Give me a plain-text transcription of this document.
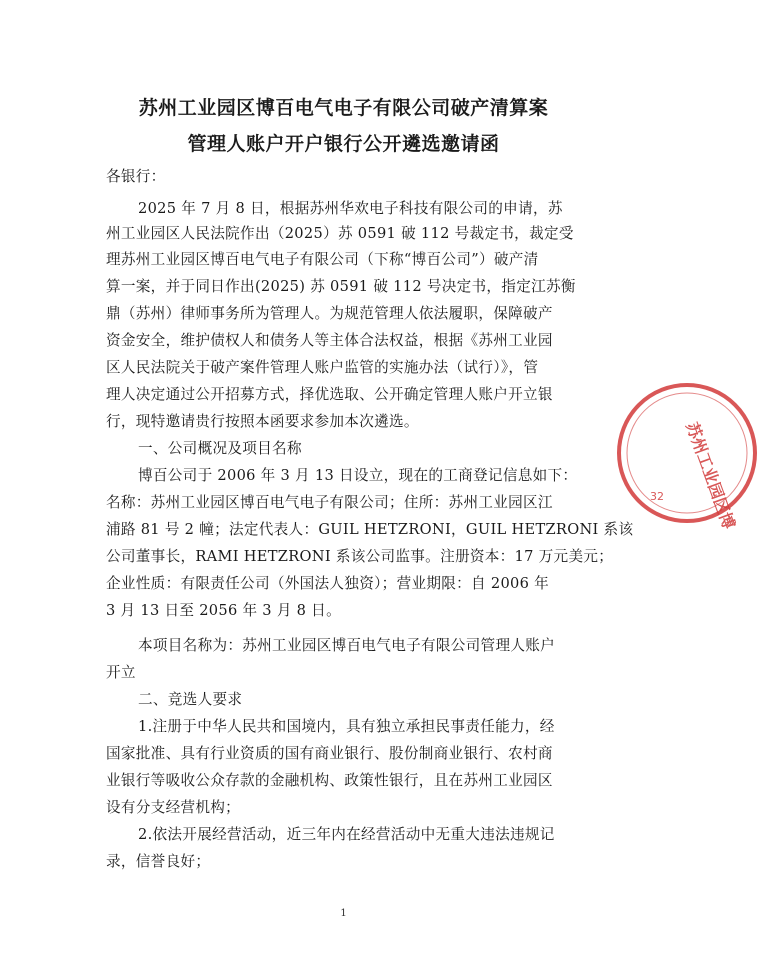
苏州工业园区博百电气电子有限公司破产清算案
管理人账户开户银行公开遴选邀请函
各银行：
2025 年 7 月 8 日，根据苏州华欢电子科技有限公司的申请，苏
州工业园区人民法院作出（2025）苏 0591 破 112 号裁定书，裁定受
理苏州工业园区博百电气电子有限公司（下称“博百公司”）破产清
算一案，并于同日作出(2025) 苏 0591 破 112 号决定书，指定江苏衡
鼎（苏州）律师事务所为管理人。为规范管理人依法履职，保障破产
资金安全，维护债权人和债务人等主体合法权益，根据《苏州工业园
区人民法院关于破产案件管理人账户监管的实施办法（试行）》，管
理人决定通过公开招募方式，择优选取、公开确定管理人账户开立银
行，现特邀请贵行按照本函要求参加本次遴选。
一、公司概况及项目名称
博百公司于 2006 年 3 月 13 日设立，现在的工商登记信息如下：
名称：苏州工业园区博百电气电子有限公司；住所：苏州工业园区江
浦路 81 号 2 幢；法定代表人：GUIL HETZRONI，GUIL HETZRONI 系该
公司董事长，RAMI HETZRONI 系该公司监事。注册资本：17 万元美元；
企业性质：有限责任公司（外国法人独资）；营业期限：自 2006 年
3 月 13 日至 2056 年 3 月 8 日。
本项目名称为：苏州工业园区博百电气电子有限公司管理人账户
开立
二、竞选人要求
1.注册于中华人民共和国境内，具有独立承担民事责任能力，经
国家批准、具有行业资质的国有商业银行、股份制商业银行、农村商
业银行等吸收公众存款的金融机构、政策性银行，且在苏州工业园区
设有分支经营机构；
2.依法开展经营活动，近三年内在经营活动中无重大违法违规记
录，信誉良好；
1
苏州工业园区博
32
